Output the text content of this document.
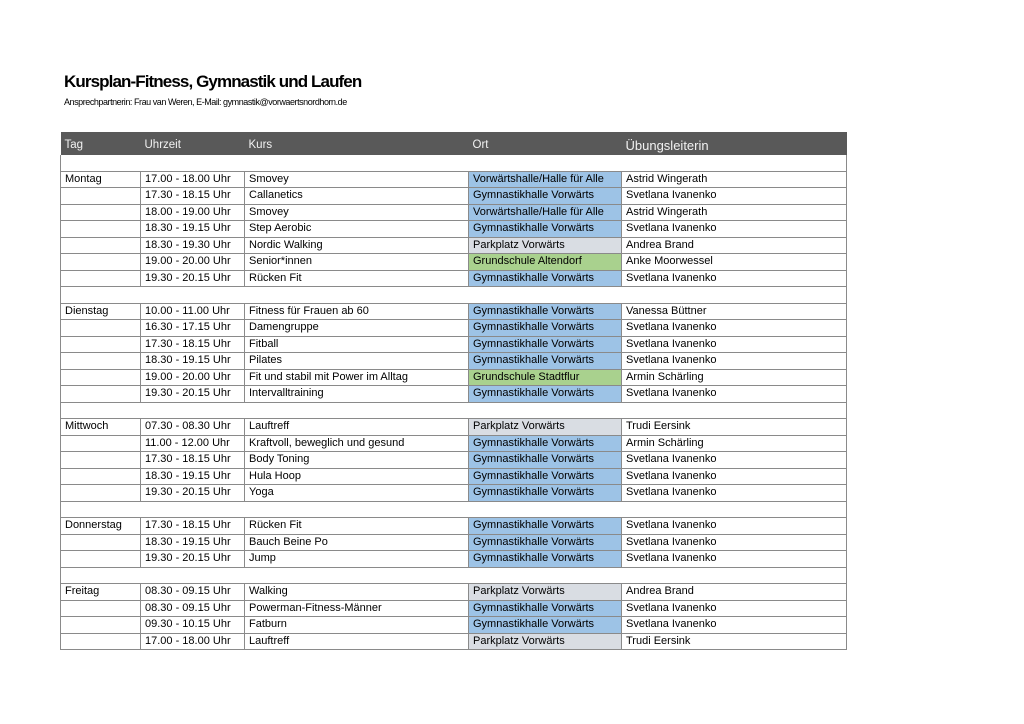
Kursplan-Fitness, Gymnastik und Laufen
Ansprechpartnerin: Frau van Weren, E-Mail: gymnastik@vorwaertsnordhorn.de
Tag	Uhrzeit	Kurs	Ort	Übungsleiterin

Montag	17.00 - 18.00 Uhr	Smovey	Vorwärtshalle/Halle für Alle	Astrid Wingerath
	17.30 - 18.15 Uhr	Callanetics	Gymnastikhalle Vorwärts	Svetlana Ivanenko
	18.00 - 19.00 Uhr	Smovey	Vorwärtshalle/Halle für Alle	Astrid Wingerath
	18.30 - 19.15 Uhr	Step Aerobic	Gymnastikhalle Vorwärts	Svetlana Ivanenko
	18.30 - 19.30 Uhr	Nordic Walking	Parkplatz Vorwärts	Andrea Brand
	19.00 - 20.00 Uhr	Senior*innen	Grundschule Altendorf	Anke Moorwessel
	19.30 - 20.15 Uhr	Rücken Fit	Gymnastikhalle Vorwärts	Svetlana Ivanenko

Dienstag	10.00 - 11.00 Uhr	Fitness für Frauen ab 60	Gymnastikhalle Vorwärts	Vanessa Büttner
	16.30 - 17.15 Uhr	Damengruppe	Gymnastikhalle Vorwärts	Svetlana Ivanenko
	17.30 - 18.15 Uhr	Fitball	Gymnastikhalle Vorwärts	Svetlana Ivanenko
	18.30 - 19.15 Uhr	Pilates	Gymnastikhalle Vorwärts	Svetlana Ivanenko
	19.00 - 20.00 Uhr	Fit und stabil mit Power im Alltag	Grundschule Stadtflur	Armin Schärling
	19.30 - 20.15 Uhr	Intervalltraining	Gymnastikhalle Vorwärts	Svetlana Ivanenko

Mittwoch	07.30 - 08.30 Uhr	Lauftreff	Parkplatz Vorwärts	Trudi Eersink
	11.00 - 12.00 Uhr	Kraftvoll, beweglich und gesund	Gymnastikhalle Vorwärts	Armin Schärling
	17.30 - 18.15 Uhr	Body Toning	Gymnastikhalle Vorwärts	Svetlana Ivanenko
	18.30 - 19.15 Uhr	Hula Hoop	Gymnastikhalle Vorwärts	Svetlana Ivanenko
	19.30 - 20.15 Uhr	Yoga	Gymnastikhalle Vorwärts	Svetlana Ivanenko

Donnerstag	17.30 - 18.15 Uhr	Rücken Fit	Gymnastikhalle Vorwärts	Svetlana Ivanenko
	18.30 - 19.15 Uhr	Bauch Beine Po	Gymnastikhalle Vorwärts	Svetlana Ivanenko
	19.30 - 20.15 Uhr	Jump	Gymnastikhalle Vorwärts	Svetlana Ivanenko

Freitag	08.30 - 09.15 Uhr	Walking	Parkplatz Vorwärts	Andrea Brand
	08.30 - 09.15 Uhr	Powerman-Fitness-Männer	Gymnastikhalle Vorwärts	Svetlana Ivanenko
	09.30 - 10.15 Uhr	Fatburn	Gymnastikhalle Vorwärts	Svetlana Ivanenko
	17.00 - 18.00 Uhr	Lauftreff	Parkplatz Vorwärts	Trudi Eersink
